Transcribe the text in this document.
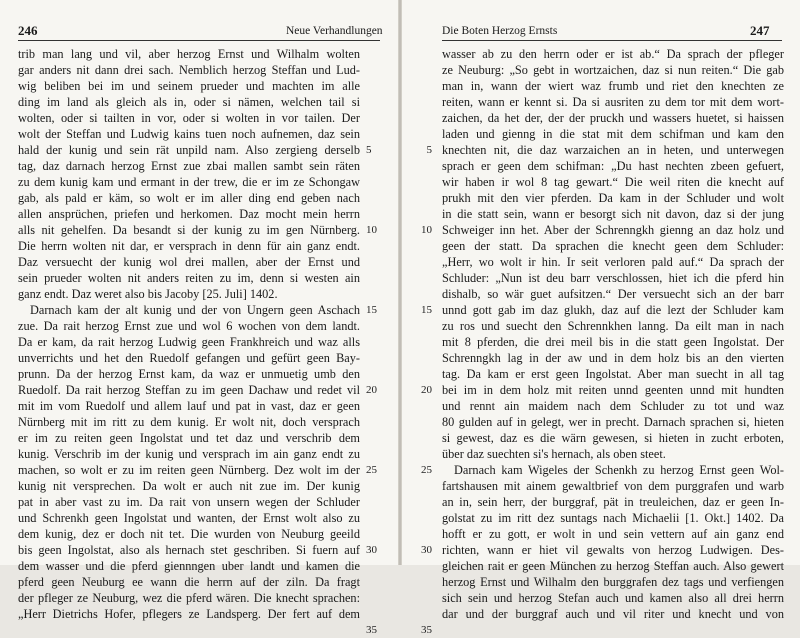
246	Neue Verhandlungen
trib man lang und vil, aber herzog Ernst und Wilhalm wolten
gar anders nit dann drei sach. Nemblich herzog Steffan und Lud-
wig beliben bei im und seinem prueder und machten im alle
ding im land als gleich als in, oder si nämen, welchen tail si
wolten, oder si tailten in vor, oder si wolten in vor tailen. Der
wolt der Steffan und Ludwig kains tuen noch aufnemen, daz sein
hald der kunig und sein rät unpild nam. Also zergieng derselb
tag, daz darnach herzog Ernst zue zbai mallen sambt sein räten
zu dem kunig kam und ermant in der trew, die er im ze Schongaw
gab, als pald er käm, so wolt er im aller ding end geben nach
allen ansprüchen, priefen und herkomen. Daz mocht mein herrn
alls nit gehelfen. Da besandt si der kunig zu im gen Nürnberg.
Die herrn wolten nit dar, er versprach in denn für ain ganz endt.
Daz versuecht der kunig wol drei mallen, aber der Ernst und
sein prueder wolten nit anders reiten zu im, denn si westen ain
ganz endt. Daz weret also bis Jacoby [25. Juli] 1402.
Darnach kam der alt kunig und der von Ungern geen Aschach
zue. Da rait herzog Ernst zue und wol 6 wochen von dem landt.
Da er kam, da rait herzog Ludwig geen Frankhreich und waz alls
unverrichts und het den Ruedolf gefangen und gefürt geen Bay-
prunn. Da der herzog Ernst kam, da waz er unmuetig umb den
Ruedolf. Da rait herzog Steffan zu im geen Dachaw und redet vil
mit im vom Ruedolf und allem lauf und pat in vast, daz er geen
Nürnberg mit im ritt zu dem kunig. Er wolt nit, doch versprach
er im zu reiten geen Ingolstat und tet daz und verschrib dem
kunig. Verschrib im der kunig und versprach im ain ganz endt zu
machen, so wolt er zu im reiten geen Nürnberg. Dez wolt im der
kunig nit versprechen. Da wolt er auch nit zue im. Der kunig
pat in aber vast zu im. Da rait von unsern wegen der Schluder
und Schrenkh geen Ingolstat und wanten, der Ernst wolt also zu
dem kunig, dez er doch nit tet. Die wurden von Neuburg geeild
bis geen Ingolstat, also als hernach stet geschriben. Si fuern auf
dem wasser und die pferd giennngen uber landt und kamen die
pferd geen Neuburg ee wann die herrn auf der ziln. Da fragt
der pfleger ze Neuburg, wez die pferd wären. Die knecht sprachen:
„Herr Dietrichs Hofer, pflegers ze Landsperg. Der fert auf dem
5
10
15
20
25
30
35
Die Boten Herzog Ernsts	247
wasser ab zu den herrn oder er ist ab.“ Da sprach der pfleger
ze Neuburg: „So gebt in wortzaichen, daz si nun reiten.“ Die gab
man in, wann der wiert waz frumb und riet den knechten ze
reiten, wann er kennt si. Da si ausriten zu dem tor mit dem wort-
zaichen, da het der, der der pruckh und wassers huetet, si haissen
laden und gienng in die stat mit dem schifman und kam den
knechten nit, die daz warzaichen an in heten, und unterwegen
sprach er geen dem schifman: „Du hast nechten zbeen gefuert,
wir haben ir wol 8 tag gewart.“ Die weil riten die knecht auf
prukh mit den vier pferden. Da kam in der Schluder und wolt
in die statt sein, wann er besorgt sich nit davon, daz si der jung
Schweiger inn het. Aber der Schrenngkh gienng an daz holz und
geen der statt. Da sprachen die knecht geen dem Schluder:
„Herr, wo wolt ir hin. Ir seit verloren pald auf.“ Da sprach der
Schluder: „Nun ist deu barr verschlossen, hiet ich die pferd hin
dishalb, so wär guet aufsitzen.“ Der versuecht sich an der barr
unnd gott gab im daz glukh, daz auf die lezt der Schluder kam
zu ros und suecht den Schrennkhen lanng. Da eilt man in nach
mit 8 pferden, die drei meil bis in die statt geen Ingolstat. Der
Schrenngkh lag in der aw und in dem holz bis an den vierten
tag. Da kam er erst geen Ingolstat. Aber man suecht in all tag
bei im in dem holz mit reiten unnd geenten unnd mit hundten
und rennt ain maidem nach dem Schluder zu tot und waz
80 gulden auf in gelegt, wer in precht. Darnach sprachen si, hieten
si gewest, daz es die wärn gewesen, si hieten in zucht erboten,
über daz suechten si's hernach, als oben steet.
Darnach kam Wigeles der Schenkh zu herzog Ernst geen Wol-
fartshausen mit ainem gewaltbrief von dem purggrafen und warb
an in, sein herr, der burggraf, pät in treuleichen, daz er geen In-
golstat zu im ritt dez suntags nach Michaelii [1. Okt.] 1402. Da
hofft er zu gott, er wolt in und sein vettern auf ain ganz end
richten, wann er hiet vil gewalts von herzog Ludwigen. Des-
gleichen rait er geen München zu herzog Steffan auch. Also gewert
herzog Ernst und Wilhalm den burggrafen dez tags und verfiengen
sich sein und herzog Stefan auch und kamen also all drei herrn
dar und der burggraf auch und vil riter und knecht und von
5
10
15
20
25
30
35
